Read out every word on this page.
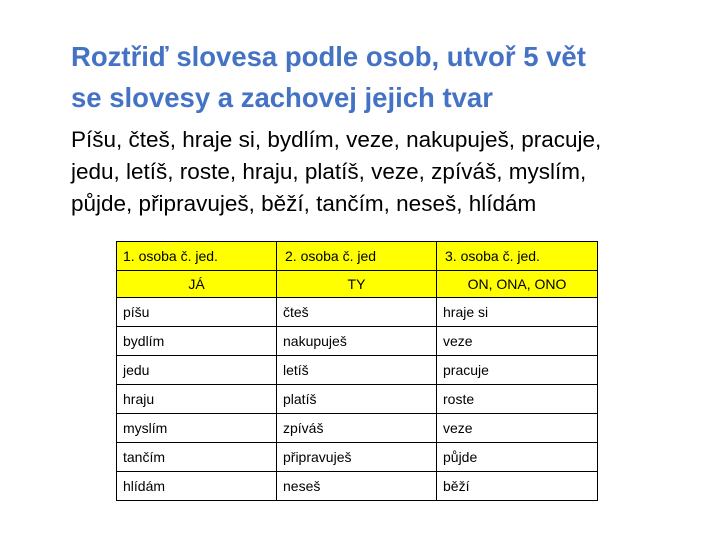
Roztřiď slovesa podle osob, utvoř 5 vět
se slovesy a zachovej jejich tvar

Píšu, čteš, hraje si, bydlím, veze, nakupuješ, pracuje,
jedu, letíš, roste, hraju, platíš, veze, zpíváš, myslím,
půjde, připravuješ, běží, tančím, neseš, hlídám

1. osoba č. jed.	2. osoba č. jed	3. osoba č. jed.
JÁ	TY	ON, ONA, ONO
píšu	čteš	hraje si
bydlím	nakupuješ	veze
jedu	letíš	pracuje
hraju	platíš	roste
myslím	zpíváš	veze
tančím	připravuješ	půjde
hlídám	neseš	běží
